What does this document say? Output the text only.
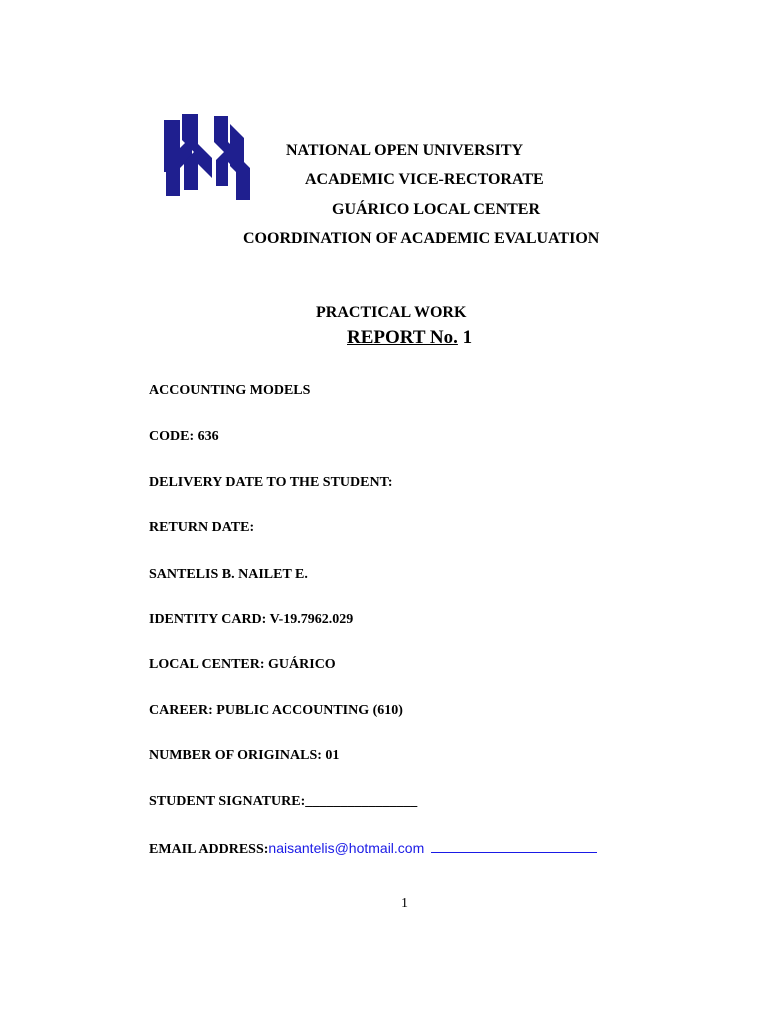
NATIONAL OPEN UNIVERSITY
ACADEMIC VICE-RECTORATE
GUÁRICO LOCAL CENTER
COORDINATION OF ACADEMIC EVALUATION
PRACTICAL WORK
REPORT No. 1
ACCOUNTING MODELS
CODE: 636
DELIVERY DATE TO THE STUDENT:
RETURN DATE:
SANTELIS B. NAILET E.
IDENTITY CARD: V-19.7962.029
LOCAL CENTER: GUÁRICO
CAREER: PUBLIC ACCOUNTING (610)
NUMBER OF ORIGINALS: 01
STUDENT SIGNATURE:________________
EMAIL ADDRESS:naisantelis@hotmail.com
1
